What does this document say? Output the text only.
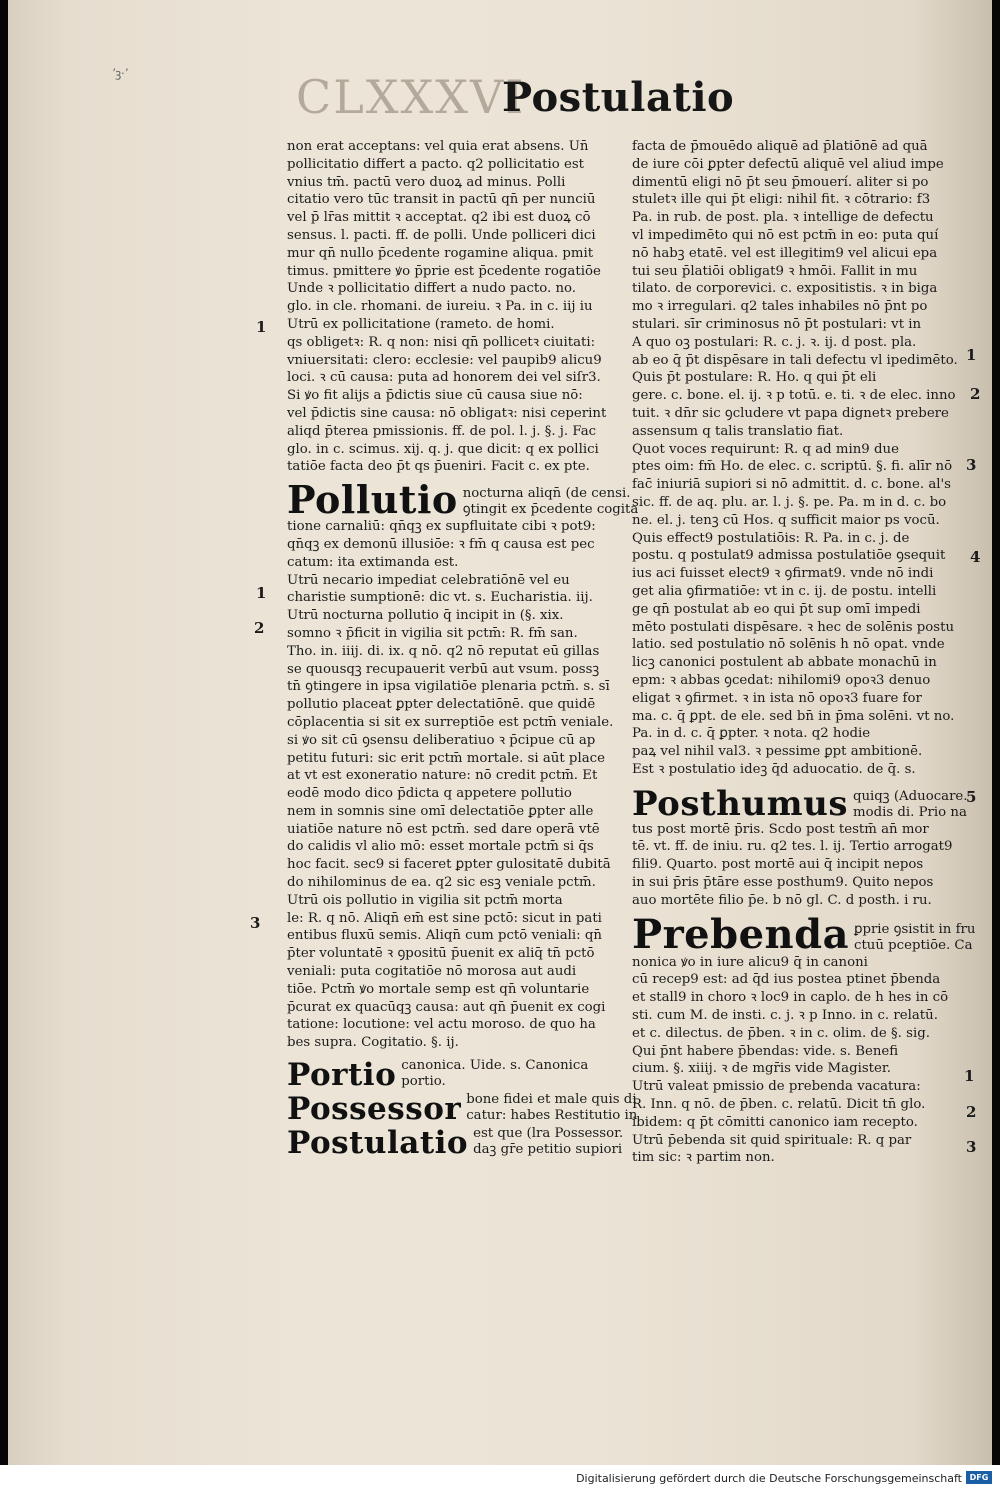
ʼꝫ·ʼ	CLXXXVI
Postulatio
non erat acceptans: vel quia erat absens. Un̄
pollicitatio differt a pacto. q2 pollicitatio est
vnius tm̄. pactū vero duoꝝ ad minus. Polli
citatio vero tūc transit in pactū qn̄ per nunciū
vel p̄ lr̄as mittit ꝛ acceptat. q2 ibi est duoꝝ cō
sensus. l. pacti. ff. de polli. Unde polliceri dici
mur qn̄ nullo p̄cedente rogamine aliqua. pmit
timus. pmittere ꝟo p̄prie est p̄cedente rogatiōe
Unde ꝛ pollicitatio differt a nudo pacto. no.
glo. in cle. rhomani. de iureiu. ꝛ Pa. in c. iij iu
Utrū ex pollicitatione (rameto. de homi.
qs obligetꝛ: R. q non: nisi qn̄ pollicetꝛ ciuitati:
vniuersitati: clero: ecclesie: vel paupib9 alicu9
loci. ꝛ cū causa: puta ad honorem dei vel siſr3.
Si ꝟo fit alijs a p̄dictis siue cū causa siue nō:
vel p̄dictis sine causa: nō obligatꝛ: nisi ceperint
aliqd p̄terea pmissionis. ff. de pol. l. j. §. j. Fac
glo. in c. scimus. xij. q. j. que dicit: q ex pollici
tatiōe facta deo p̄t qs p̄ueniri. Facit c. ex pte.
Pollutio nocturna aliqn̄ (de censi.
ꝯtingit ex p̄cedente cogita
tione carnaliū: qn̄qꝫ ex supfluitate cibi ꝛ pot9:
qn̄qꝫ ex demonū illusiōe: ꝛ fm̄ q causa est pec
catum: ita extimanda est.
Utrū necario impediat celebratiōnē vel eu
charistie sumptionē: dic vt. s. Eucharistia. iij.
Utrū nocturna pollutio q̄ incipit in (§. xix.
somno ꝛ p̄ficit in vigilia sit pctm̄: R. fm̄ san.
Tho. in. iiij. di. ix. q nō. q2 nō reputat eū gillas
se quousqꝫ recupauerit verbū aut vsum. possꝫ
tn̄ ꝯtingere in ipsa vigilatiōe plenaria pctm̄. s. sī
pollutio placeat ꝑpter delectatiōnē. que quidē
cōplacentia si sit ex surreptiōe est pctm̄ veniale.
si ꝟo sit cū ꝯsensu deliberatiuo ꝛ p̄cipue cū ap
petitu futuri: sic erit pctm̄ mortale. si aūt place
at vt est exoneratio nature: nō credit pctm̄. Et
eodē modo dico p̄dicta q appetere pollutio
nem in somnis sine omī delectatiōe ꝑpter alle
uiatiōe nature nō est pctm̄. sed dare operā vtē
do calidis vl̄ alio mō: esset mortale pctm̄ si q̄s
hoc facit. sec9 si faceret ꝑpter gulositatē dubitā
do nihilominus de ea. q2 sic esꝫ veniale pctm̄.
Utrū ois pollutio in vigilia sit pctm̄ morta
le: R. q nō. Aliqn̄ em̄ est sine pctō: sicut in pati
entibus fluxū semis. Aliqn̄ cum pctō veniali: qn̄
p̄ter voluntatē ꝛ ꝯpositū p̄uenit ex aliq̄ tn̄ pctō
veniali: puta cogitatiōe nō morosa aut audi
tiōe. Pctm̄ ꝟo mortale semp est qn̄ voluntarie
p̄curat ex quacūqꝫ causa: aut qn̄ p̄uenit ex cogi
tatione: locutione: vel actu moroso. de quo ha
bes supra. Cogitatio. §. ij.
Portio canonica. Uide. s. Canonica
portio.
Possessor bone fidei et male quis di
catur: habes Restitutio in
Postulatio est que (lra Possessor.
daꝫ gr̄e petitio supiori
1
1
2
3
facta de p̄mouēdo aliquē ad p̄latiōnē ad quā
de iure cōi ꝑpter defectū aliquē vel aliud impe
dimentū eligi nō p̄t seu p̄mouerí. aliter si po
stuletꝛ ille qui p̄t eligi: nihil fit. ꝛ cōtrario: f3
Pa. in rub. de post. pla. ꝛ intellige de defectu
vl̄ impedimēto qui nō est pctm̄ in eo: puta quí
nō habꝫ etatē. vel est illegitim9 vel alicui epa
tui seu p̄latiōi obligat9 ꝛ hmōi. Fallit in mu
tilato. de corporevici. c. expositistis. ꝛ in biga
mo ꝛ irregulari. q2 tales inhabiles nō p̄nt po
stulari. sīr criminosus nō p̄t postulari: vt in
A quo oꝫ postulari: R. c. j. ꝛ. ij. d post. pla.
ab eo q̄ p̄t dispēsare in tali defectu vl̄ ipedimēto.
Quis p̄t postulare: R. Ho. q qui p̄t eli
gere. c. bone. el. ij. ꝛ p totū. e. ti. ꝛ de elec. inno
tuit. ꝛ dn̄r sic ꝯcludere vt papa dignetꝛ prebere
assensum q talis translatio fiat.
Quot voces requirunt: R. q ad min9 due
ptes oim: fm̄ Ho. de elec. c. scriptū. §. fi. alīr nō
fac̄ iniuriā supiori si nō admittit. d. c. bone. al's
sic. ff. de aq. plu. ar. l. j. §. pe. Pa. m in d. c. bo
ne. el. j. tenꝫ cū Hos. q sufficit maior ps vocū.
Quis effect9 postulatiōis: R. Pa. in c. j. de
postu. q postulat9 admissa postulatiōe ꝯsequit
ius aci fuisset elect9 ꝛ ꝯfirmat9. vnde nō indi
get alia ꝯfirmatiōe: vt in c. ij. de postu. intelli
ge qn̄ postulat ab eo qui p̄t sup omī impedi
mēto postulati dispēsare. ꝛ hec de solēnis postu
latio. sed postulatio nō solēnis h nō opat. vnde
licꝫ canonici postulent ab abbate monachū in
epm: ꝛ abbas ꝯcedat: nihilomi9 opoꝛ3 denuo
eligat ꝛ ꝯfirmet. ꝛ in ista nō opoꝛ3 fuare for
ma. c. q̄ ꝑpt. de ele. sed bn̄ in p̄ma solēni. vt no.
Pa. in d. c. q̄ ꝑpter. ꝛ nota. q2 hodie
paꝝ vel nihil val3. ꝛ pessime ꝑpt ambitionē.
Est ꝛ postulatio ideꝫ q̄d aduocatio. de q̄. s.
Posthumus quiqꝫ (Aduocare.
modis di. Prio na
tus post mortē p̄ris. Scdo post testm̄ an̄ mor
tē. vt. ff. de iniu. ru. q2 tes. l. ij. Tertio arrogat9
fili9. Quarto. post mortē aui q̄ incipit nepos
in sui p̄ris p̄tāre esse posthum9. Quito nepos
auo mortēte filio p̄e. b nō gl. C. d posth. i ru.
Prebenda ꝑprie ꝯsistit in fru
ctuū pceptiōe. Ca
nonica ꝟo in iure alicu9 q̄ in canoni
cū recep9 est: ad q̄d ius postea ptinet p̄benda
et stall9 in choro ꝛ loc9 in caplo. de h hes in cō
sti. cum M. de insti. c. j. ꝛ p Inno. in c. relatū.
et c. dilectus. de p̄ben. ꝛ in c. olim. de §. sig.
Qui p̄nt habere p̄bendas: vide. s. Benefi
cium. §. xiiij. ꝛ de mgr̄is vide Magister.
Utrū valeat pmissio de prebenda vacatura:
R. Inn. q nō. de p̄ben. c. relatū. Dicit tn̄ glo.
ibidem: q p̄t cōmitti canonico iam recepto.
Utrū p̄ebenda sit quid spirituale: R. q par
tim sic: ꝛ partim non.
1
2
3
4
5
1
2
3
Digitalisierung gefördert durch die Deutsche Forschungsgemeinschaft DFG
